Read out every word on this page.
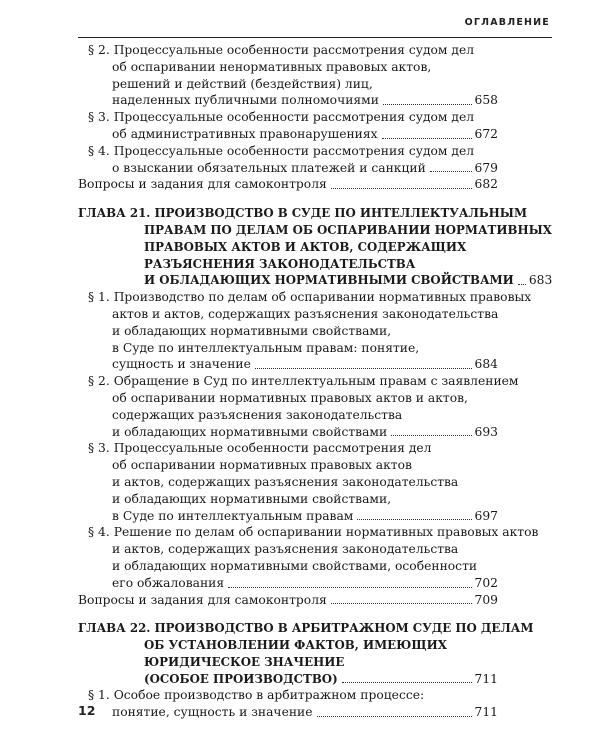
ОГЛАВЛЕНИЕ
§ 2. Процессуальные особенности рассмотрения судом дел
об оспаривании ненормативных правовых актов,
решений и действий (бездействия) лиц,
наделенных публичными полномочиями	658
§ 3. Процессуальные особенности рассмотрения судом дел
об административных правонарушениях	672
§ 4. Процессуальные особенности рассмотрения судом дел
о взыскании обязательных платежей и санкций	679
Вопросы и задания для самоконтроля	682
ГЛАВА 21. ПРОИЗВОДСТВО В СУДЕ ПО ИНТЕЛЛЕКТУАЛЬНЫМ
ПРАВАМ ПО ДЕЛАМ ОБ ОСПАРИВАНИИ НОРМАТИВНЫХ
ПРАВОВЫХ АКТОВ И АКТОВ, СОДЕРЖАЩИХ
РАЗЪЯСНЕНИЯ ЗАКОНОДАТЕЛЬСТВА
И ОБЛАДАЮЩИХ НОРМАТИВНЫМИ СВОЙСТВАМИ 683
§ 1. Производство по делам об оспаривании нормативных правовых
актов и актов, содержащих разъяснения законодательства
и обладающих нормативными свойствами,
в Суде по интеллектуальным правам: понятие,
сущность и значение	684
§ 2. Обращение в Суд по интеллектуальным правам с заявлением
об оспаривании нормативных правовых актов и актов,
содержащих разъяснения законодательства
и обладающих нормативными свойствами	693
§ 3. Процессуальные особенности рассмотрения дел
об оспаривании нормативных правовых актов
и актов, содержащих разъяснения законодательства
и обладающих нормативными свойствами,
в Суде по интеллектуальным правам	697
§ 4. Решение по делам об оспаривании нормативных правовых актов
и актов, содержащих разъяснения законодательства
и обладающих нормативными свойствами, особенности
его обжалования	702
Вопросы и задания для самоконтроля	709
ГЛАВА 22. ПРОИЗВОДСТВО В АРБИТРАЖНОМ СУДЕ ПО ДЕЛАМ
ОБ УСТАНОВЛЕНИИ ФАКТОВ, ИМЕЮЩИХ
ЮРИДИЧЕСКОЕ ЗНАЧЕНИЕ
(ОСОБОЕ ПРОИЗВОДСТВО)	711
§ 1. Особое производство в арбитражном процессе:
понятие, сущность и значение	711
12
